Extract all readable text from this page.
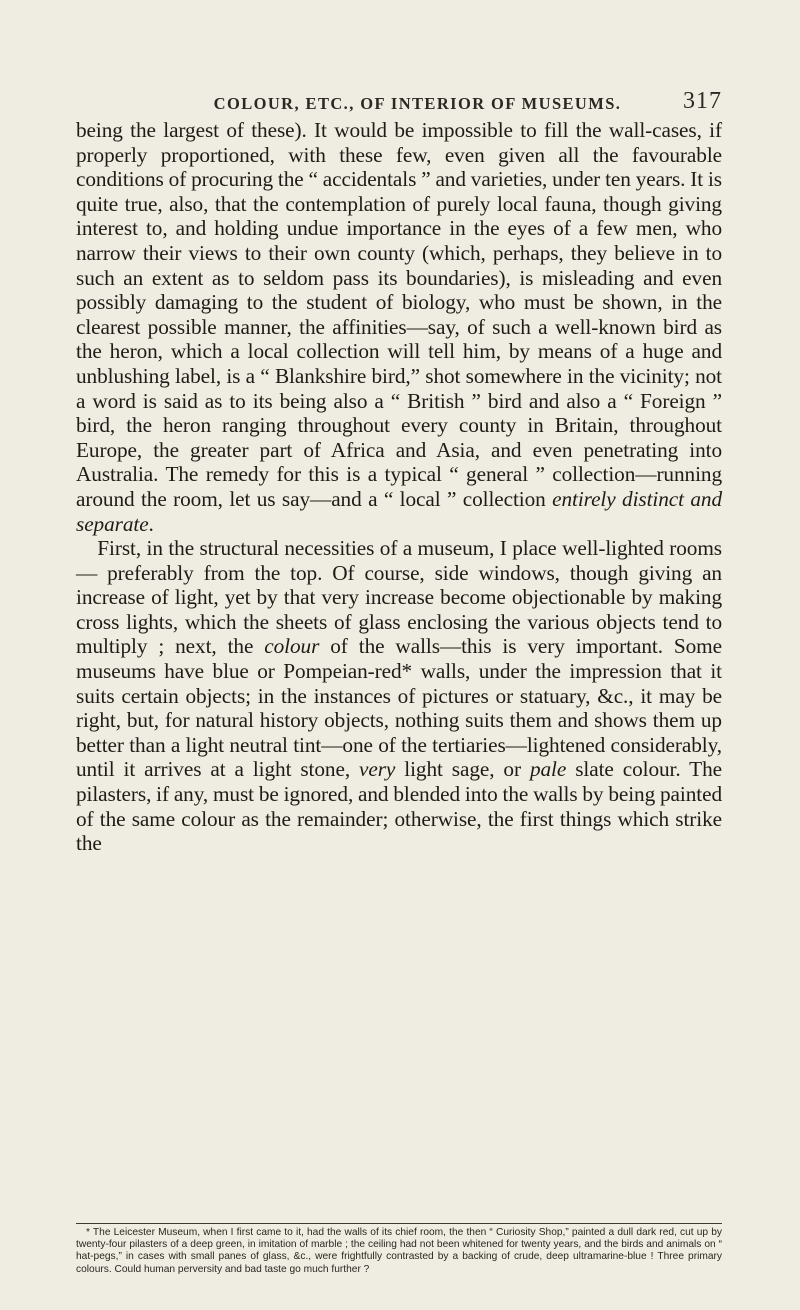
COLOUR, ETC., OF INTERIOR OF MUSEUMS.	317

being the largest of these). It would be impossible to fill the wall-cases, if properly proportioned, with these few, even given all the favourable conditions of procuring the “ accidentals ” and varieties, under ten years. It is quite true, also, that the contemplation of purely local fauna, though giving interest to, and holding undue importance in the eyes of a few men, who narrow their views to their own county (which, perhaps, they believe in to such an extent as to seldom pass its boundaries), is misleading and even possibly damaging to the student of biology, who must be shown, in the clearest possible manner, the affinities—say, of such a well-known bird as the heron, which a local collection will tell him, by means of a huge and unblushing label, is a “ Blankshire bird,” shot somewhere in the vicinity; not a word is said as to its being also a “ British ” bird and also a “ Foreign ” bird, the heron ranging throughout every county in Britain, throughout Europe, the greater part of Africa and Asia, and even penetrating into Australia. The remedy for this is a typical “ general ” collection—running around the room, let us say—and a “ local ” collection entirely distinct and separate.

First, in the structural necessities of a museum, I place well-lighted rooms — preferably from the top. Of course, side windows, though giving an increase of light, yet by that very increase become objectionable by making cross lights, which the sheets of glass enclosing the various objects tend to multiply ; next, the colour of the walls—this is very important. Some museums have blue or Pompeian-red* walls, under the impression that it suits certain objects; in the instances of pictures or statuary, &c., it may be right, but, for natural history objects, nothing suits them and shows them up better than a light neutral tint—one of the tertiaries—lightened considerably, until it arrives at a light stone, very light sage, or pale slate colour. The pilasters, if any, must be ignored, and blended into the walls by being painted of the same colour as the remainder; otherwise, the first things which strike the

* The Leicester Museum, when I first came to it, had the walls of its chief room, the then “ Curiosity Shop,” painted a dull dark red, cut up by twenty-four pilasters of a deep green, in imitation of marble ; the ceiling had not been whitened for twenty years, and the birds and animals on “ hat-pegs,” in cases with small panes of glass, &c., were frightfully contrasted by a backing of crude, deep ultramarine-blue ! Three primary colours. Could human perversity and bad taste go much further ?
